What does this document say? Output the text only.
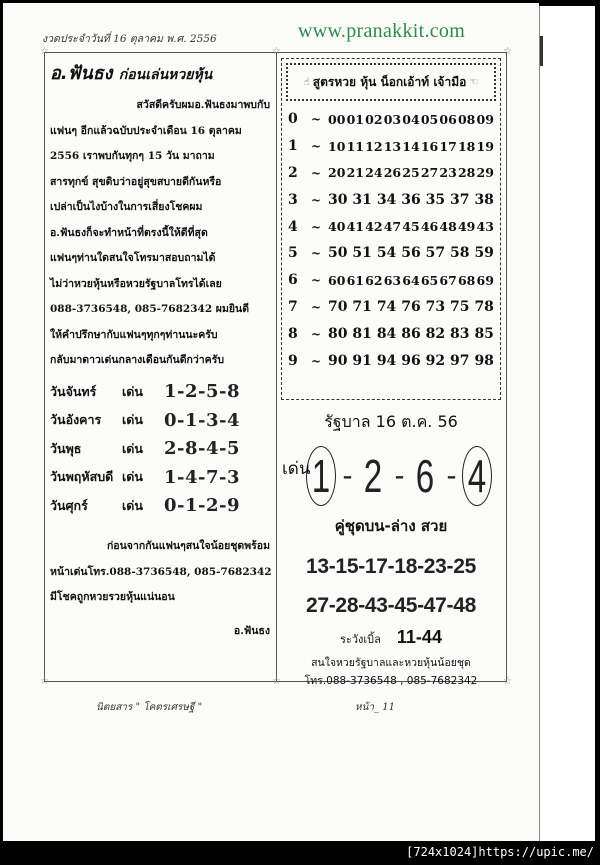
งวดประจำวันที่ 16 ตุลาคม พ.ศ. 2556	www.pranakkit.com
☆	☆	☆
☆	☆	☆
อ.ฟันธง ก่อนเล่นหวยหุ้น
สวัสดีครับผมอ.ฟันธงมาพบกับ
แฟนๆ อีกแล้วฉบับประจำเดือน 16 ตุลาคม
2556 เราพบกันทุกๆ 15 วัน มาถาม
สารทุกข์ สุขดิบว่าอยู่สุขสบายดีกันหรือ
เปล่าเป็นไงบ้างในการเสี่ยงโชคผม
อ.ฟันธงก็จะทำหน้าที่ตรงนี้ให้ดีที่สุด
แฟนๆท่านใดสนใจโทรมาสอบถามได้
ไม่ว่าหวยหุ้นหรือหวยรัฐบาลโทรได้เลย
088-3736548, 085-7682342 ผมยินดี
ให้คำปรึกษากับแฟนๆทุกๆท่านนะครับ
กลับมาดาวเด่นกลางเดือนกันดีกว่าครับ
วันจันทร์	เด่น	1-2-5-8
วันอังคาร	เด่น	0-1-3-4
วันพุธ	เด่น	2-8-4-5
วันพฤหัสบดี เด่น	1-4-7-3
วันศุกร์	เด่น	0-1-2-9
ก่อนจากกันแฟนๆสนใจน้อยชุดพร้อม
หน้าเด่นโทร.088-3736548, 085-7682342
มีโชคถูกหวยรวยหุ้นแน่นอน
อ.ฟันธง
☝ สูตรหวย หุ้น น็อกเอ้าท์ เจ้ามือ ☜
0	~ 00 01 02 03 04 05 06 08 09
1	~ 10 11 12 13 14 16 17 18 19
2	~ 20 21 24 26 25 27 23 28 29
3	~ 30 31 34 36 35 37 38
4	~ 40 41 42 47 45 46 48 49 43
5	~ 50 51 54 56 57 58 59
6	~ 60 61 62 63 64 65 67 68 69
7	~ 70 71 74 76 73 75 78
8	~ 80 81 84 86 82 83 85
9	~ 90 91 94 96 92 97 98
รัฐบาล 16 ต.ค. 56
เด่น 1 - 2 - 6 - 4
คู่ชุดบน-ล่าง สวย
13-15-17-18-23-25
27-28-43-45-47-48
ระวังเบิ้ล 11-44
สนใจหวยรัฐบาลและหวยหุ้นน้อยชุด
โทร.088-3736548 , 085-7682342
นิตยสาร " โคตรเศรษฐี "	หน้า_ 11
[724x1024]https://upic.me/
